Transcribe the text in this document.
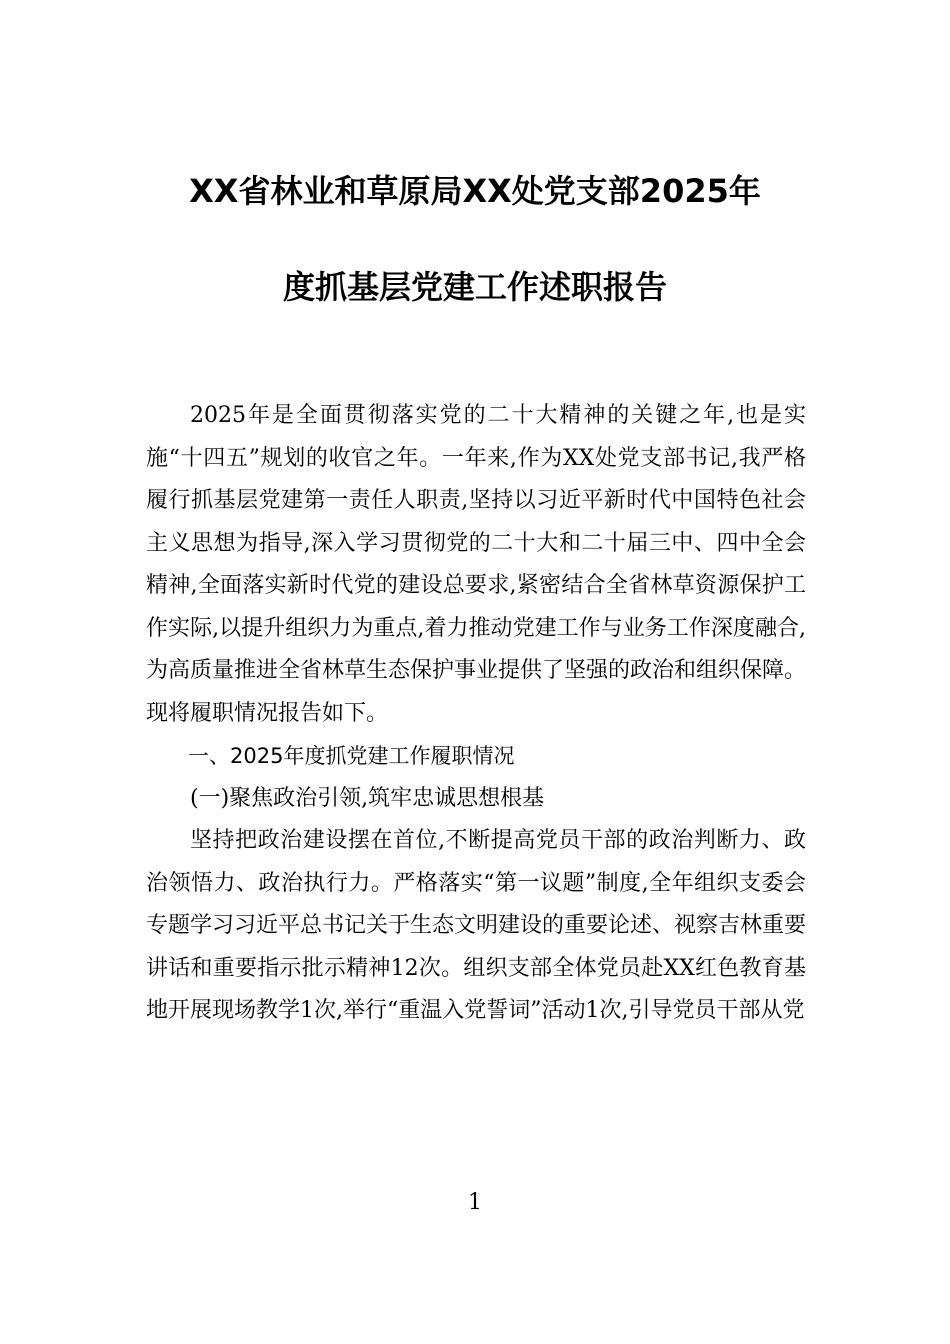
XX省林业和草原局XX处党支部2025年
度抓基层党建工作述职报告

2025年是全面贯彻落实党的二十大精神的关键之年,也是实施“十四五”规划的收官之年。一年来,作为XX处党支部书记,我严格履行抓基层党建第一责任人职责,坚持以习近平新时代中国特色社会主义思想为指导,深入学习贯彻党的二十大和二十届三中、四中全会精神,全面落实新时代党的建设总要求,紧密结合全省林草资源保护工作实际,以提升组织力为重点,着力推动党建工作与业务工作深度融合,为高质量推进全省林草生态保护事业提供了坚强的政治和组织保障。现将履职情况报告如下。

一、2025年度抓党建工作履职情况

(一)聚焦政治引领,筑牢忠诚思想根基

坚持把政治建设摆在首位,不断提高党员干部的政治判断力、政治领悟力、政治执行力。严格落实“第一议题”制度,全年组织支委会专题学习习近平总书记关于生态文明建设的重要论述、视察吉林重要讲话和重要指示批示精神12次。组织支部全体党员赴XX红色教育基地开展现场教学1次,举行“重温入党誓词”活动1次,引导党员干部从党

1
